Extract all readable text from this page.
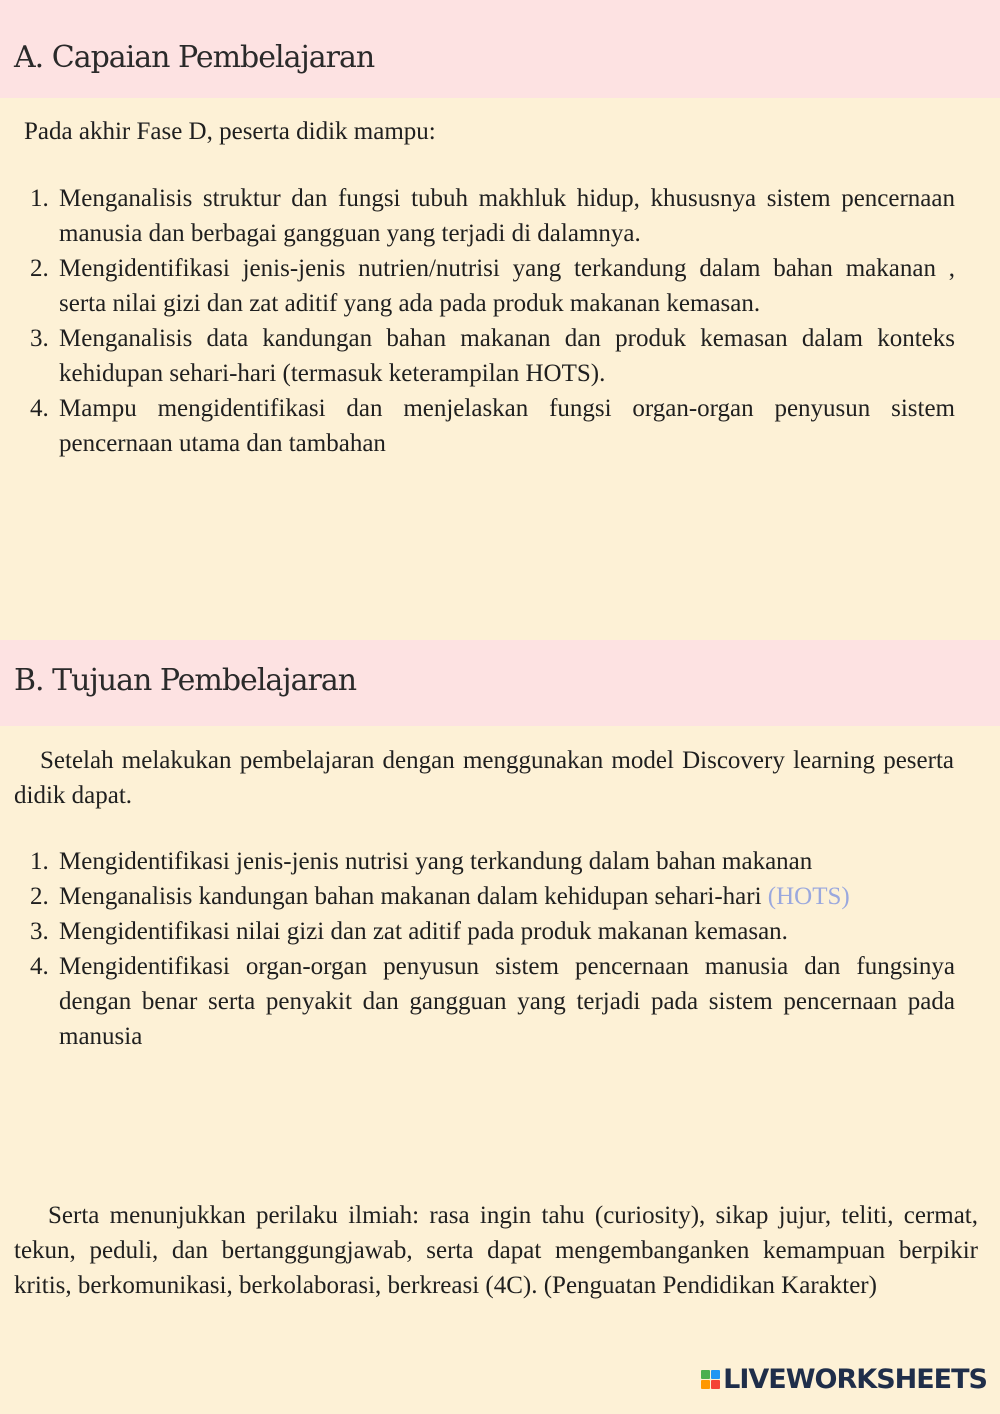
A. Capaian Pembelajaran
Pada akhir Fase D, peserta didik mampu:
1. Menganalisis struktur dan fungsi tubuh makhluk hidup, khususnya sistem pencernaan manusia dan berbagai gangguan yang terjadi di dalamnya.
2. Mengidentifikasi jenis-jenis nutrien/nutrisi yang terkandung dalam bahan makanan , serta nilai gizi dan zat aditif yang ada pada produk makanan kemasan.
3. Menganalisis data kandungan bahan makanan dan produk kemasan dalam konteks kehidupan sehari-hari (termasuk keterampilan HOTS).
4. Mampu mengidentifikasi dan menjelaskan fungsi organ-organ penyusun sistem pencernaan utama dan tambahan
B. Tujuan Pembelajaran
Setelah melakukan pembelajaran dengan menggunakan model Discovery learning peserta didik dapat.
1. Mengidentifikasi jenis-jenis nutrisi yang terkandung dalam bahan makanan
2. Menganalisis kandungan bahan makanan dalam kehidupan sehari-hari (HOTS)
3. Mengidentifikasi nilai gizi dan zat aditif pada produk makanan kemasan.
4. Mengidentifikasi organ-organ penyusun sistem pencernaan manusia dan fungsinya dengan benar serta penyakit dan gangguan yang terjadi pada sistem pencernaan pada manusia
Serta menunjukkan perilaku ilmiah: rasa ingin tahu (curiosity), sikap jujur, teliti, cermat, tekun, peduli, dan bertanggungjawab, serta dapat mengembanganken kemampuan berpikir kritis, berkomunikasi, berkolaborasi, berkreasi (4C). (Penguatan Pendidikan Karakter)
LIVEWORKSHEETS
